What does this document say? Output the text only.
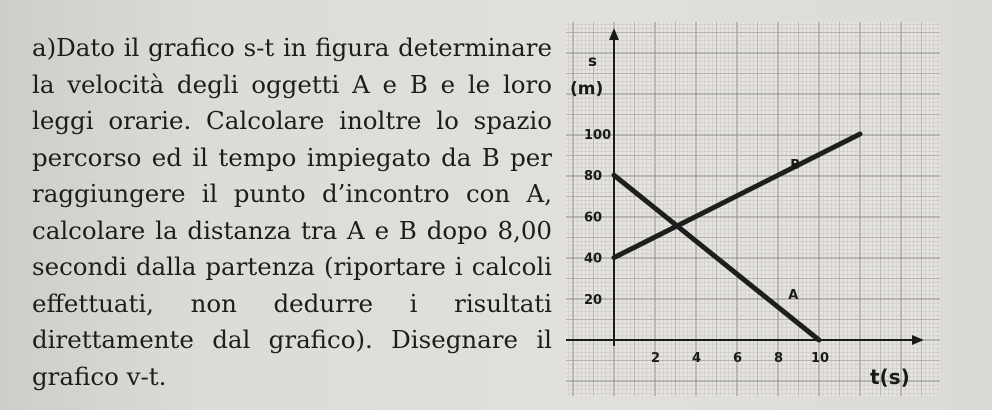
a)Dato il grafico s-t in figura determinare
la velocità degli oggetti A e B e le loro
leggi orarie. Calcolare inoltre lo spazio
percorso ed il tempo impiegato da B per
raggiungere il punto d’incontro con A,
calcolare la distanza tra A e B dopo 8,00
secondi dalla partenza (riportare i calcoli
effettuati, non dedurre i risultati
direttamente dal grafico). Disegnare il
grafico v-t.
20
40
60
80
100
2 4 6 8 10
A
B
s
(m)
t(s)
